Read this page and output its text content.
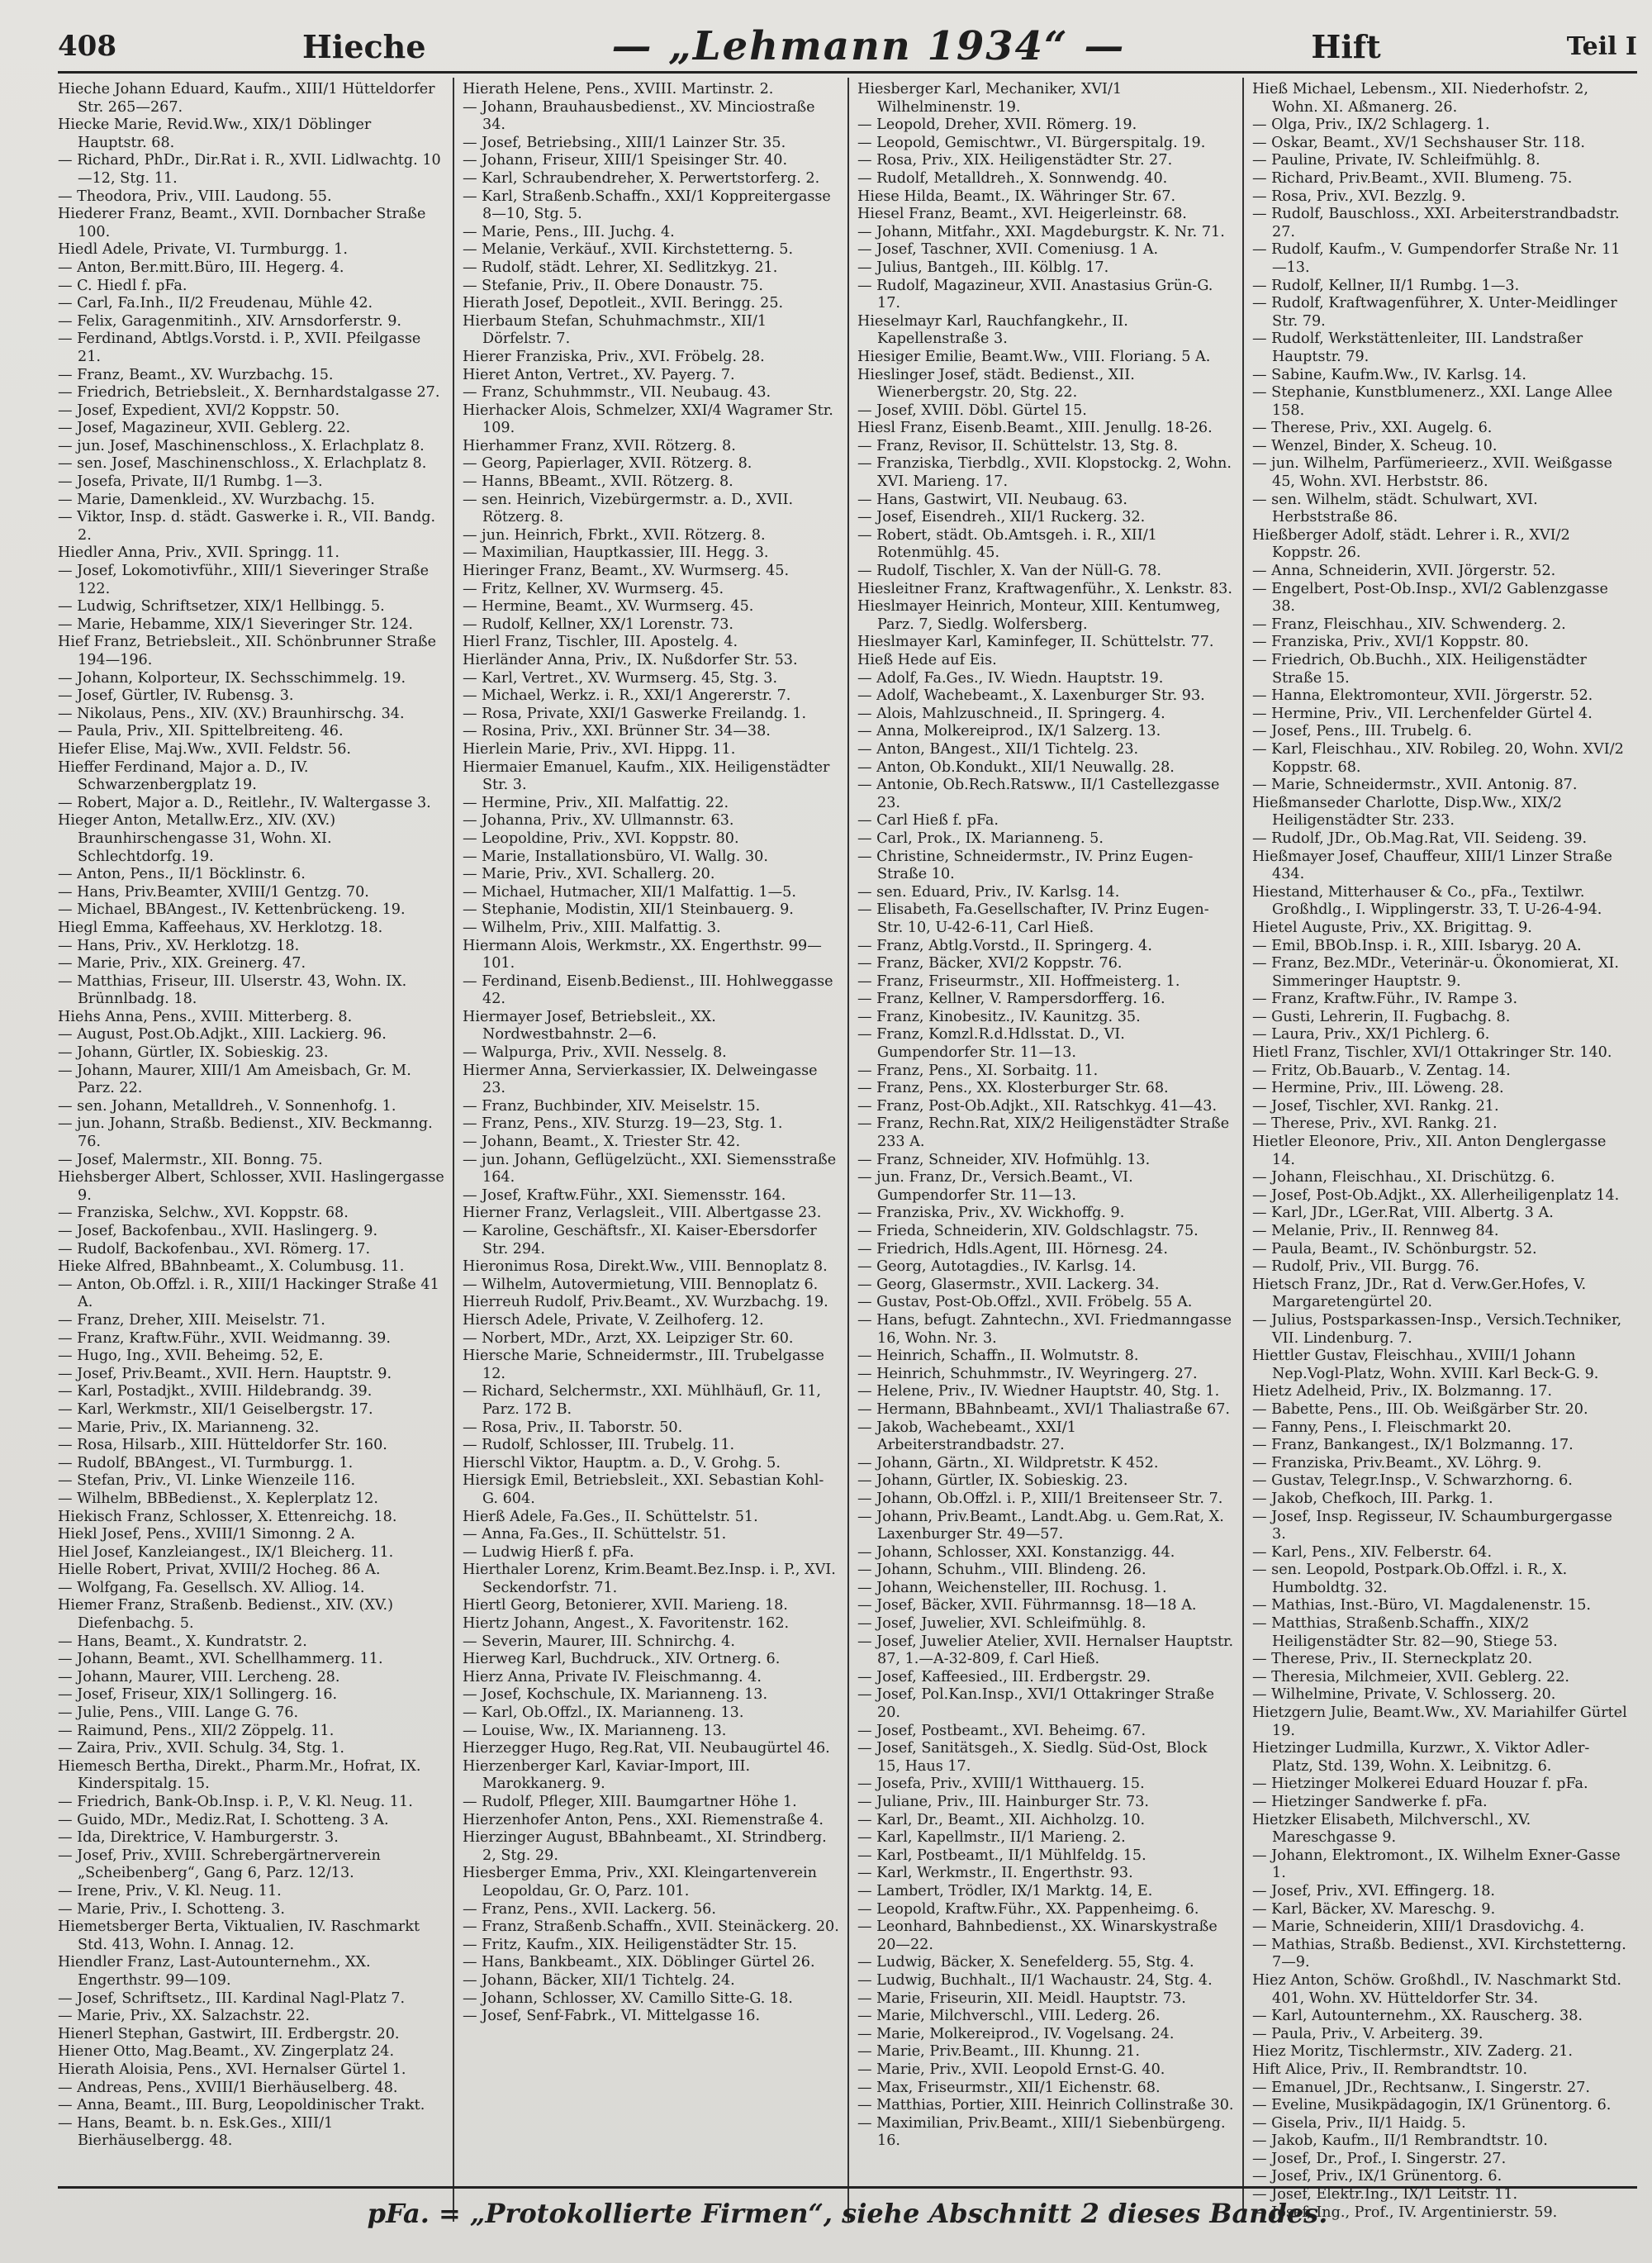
408	Hieche	— „Lehmann 1934“ —	Hift	Teil I

Hieche Johann Eduard, Kaufm., XIII/1 Hütteldorfer Str. 265—267.

Hiecke Marie, Revid.Ww., XIX/1 Döblinger Hauptstr. 68.

— Richard, PhDr., Dir.Rat i. R., XVII. Lidlwachtg. 10—12, Stg. 11.

— Theodora, Priv., VIII. Laudong. 55.

Hiederer Franz, Beamt., XVII. Dornbacher Straße 100.

Hiedl Adele, Private, VI. Turmburgg. 1.

— Anton, Ber.mitt.Büro, III. Hegerg. 4.

— C. Hiedl f. pFa.

— Carl, Fa.Inh., II/2 Freudenau, Mühle 42.

— Felix, Garagenmitinh., XIV. Arnsdorferstr. 9.

— Ferdinand, Abtlgs.Vorstd. i. P., XVII. Pfeilgasse 21.

— Franz, Beamt., XV. Wurzbachg. 15.

— Friedrich, Betriebsleit., X. Bernhardstalgasse 27.

— Josef, Expedient, XVI/2 Koppstr. 50.

— Josef, Magazineur, XVII. Geblerg. 22.

— jun. Josef, Maschinenschloss., X. Erlachplatz 8.

— sen. Josef, Maschinenschloss., X. Erlachplatz 8.

— Josefa, Private, II/1 Rumbg. 1—3.

— Marie, Damenkleid., XV. Wurzbachg. 15.

— Viktor, Insp. d. städt. Gaswerke i. R., VII. Bandg. 2.

Hiedler Anna, Priv., XVII. Springg. 11.

— Josef, Lokomotivführ., XIII/1 Sieveringer Straße 122.

— Ludwig, Schriftsetzer, XIX/1 Hellbingg. 5.

— Marie, Hebamme, XIX/1 Sieveringer Str. 124.

Hief Franz, Betriebsleit., XII. Schönbrunner Straße 194—196.

— Johann, Kolporteur, IX. Sechsschimmelg. 19.

— Josef, Gürtler, IV. Rubensg. 3.

— Nikolaus, Pens., XIV. (XV.) Braunhirschg. 34.

— Paula, Priv., XII. Spittelbreiteng. 46.

Hiefer Elise, Maj.Ww., XVII. Feldstr. 56.

Hieffer Ferdinand, Major a. D., IV. Schwarzenbergplatz 19.

— Robert, Major a. D., Reitlehr., IV. Waltergasse 3.

Hieger Anton, Metallw.Erz., XIV. (XV.) Braunhirschengasse 31, Wohn. XI. Schlechtdorfg. 19.

— Anton, Pens., II/1 Böcklinstr. 6.

— Hans, Priv.Beamter, XVIII/1 Gentzg. 70.

— Michael, BBAngest., IV. Kettenbrückeng. 19.

Hiegl Emma, Kaffeehaus, XV. Herklotzg. 18.

— Hans, Priv., XV. Herklotzg. 18.

— Marie, Priv., XIX. Greinerg. 47.

— Matthias, Friseur, III. Ulserstr. 43, Wohn. IX. Brünnlbadg. 18.

Hiehs Anna, Pens., XVIII. Mitterberg. 8.

— August, Post.Ob.Adjkt., XIII. Lackierg. 96.

— Johann, Gürtler, IX. Sobieskig. 23.

— Johann, Maurer, XIII/1 Am Ameisbach, Gr. M. Parz. 22.

— sen. Johann, Metalldreh., V. Sonnenhofg. 1.

— jun. Johann, Straßb. Bedienst., XIV. Beckmanng. 76.

— Josef, Malermstr., XII. Bonng. 75.

Hiehsberger Albert, Schlosser, XVII. Haslingergasse 9.

— Franziska, Selchw., XVI. Koppstr. 68.

— Josef, Backofenbau., XVII. Haslingerg. 9.

— Rudolf, Backofenbau., XVI. Römerg. 17.

Hieke Alfred, BBahnbeamt., X. Columbusg. 11.

— Anton, Ob.Offzl. i. R., XIII/1 Hackinger Straße 41 A.

— Franz, Dreher, XIII. Meiselstr. 71.

— Franz, Kraftw.Führ., XVII. Weidmanng. 39.

— Hugo, Ing., XVII. Beheimg. 52, E.

— Josef, Priv.Beamt., XVII. Hern. Hauptstr. 9.

— Karl, Postadjkt., XVIII. Hildebrandg. 39.

— Karl, Werkmstr., XII/1 Geiselbergstr. 17.

— Marie, Priv., IX. Marianneng. 32.

— Rosa, Hilsarb., XIII. Hütteldorfer Str. 160.

— Rudolf, BBAngest., VI. Turmburgg. 1.

— Stefan, Priv., VI. Linke Wienzeile 116.

— Wilhelm, BBBedienst., X. Keplerplatz 12.

Hiekisch Franz, Schlosser, X. Ettenreichg. 18.

Hiekl Josef, Pens., XVIII/1 Simonng. 2 A.

Hiel Josef, Kanzleiangest., IX/1 Bleicherg. 11.

Hielle Robert, Privat, XVIII/2 Hocheg. 86 A.

— Wolfgang, Fa. Gesellsch. XV. Alliog. 14.

Hiemer Franz, Straßenb. Bedienst., XIV. (XV.) Diefenbachg. 5.

— Hans, Beamt., X. Kundratstr. 2.

— Johann, Beamt., XVI. Schellhammerg. 11.

— Johann, Maurer, VIII. Lercheng. 28.

— Josef, Friseur, XIX/1 Sollingerg. 16.

— Julie, Pens., VIII. Lange G. 76.

— Raimund, Pens., XII/2 Zöppelg. 11.

— Zaira, Priv., XVII. Schulg. 34, Stg. 1.

Hiemesch Bertha, Direkt., Pharm.Mr., Hofrat, IX. Kinderspitalg. 15.

— Friedrich, Bank-Ob.Insp. i. P., V. Kl. Neug. 11.

— Guido, MDr., Mediz.Rat, I. Schotteng. 3 A.

— Ida, Direktrice, V. Hamburgerstr. 3.

— Josef, Priv., XVIII. Schrebergärtnerverein „Scheibenberg“, Gang 6, Parz. 12/13.

— Irene, Priv., V. Kl. Neug. 11.

— Marie, Priv., I. Schotteng. 3.

Hiemetsberger Berta, Viktualien, IV. Raschmarkt Std. 413, Wohn. I. Annag. 12.

Hiendler Franz, Last-Autounternehm., XX. Engerthstr. 99—109.

— Josef, Schriftsetz., III. Kardinal Nagl-Platz 7.

— Marie, Priv., XX. Salzachstr. 22.

Hienerl Stephan, Gastwirt, III. Erdbergstr. 20.

Hiener Otto, Mag.Beamt., XV. Zingerplatz 24.

Hierath Aloisia, Pens., XVI. Hernalser Gürtel 1.

— Andreas, Pens., XVIII/1 Bierhäuselberg. 48.

— Anna, Beamt., III. Burg, Leopoldinischer Trakt.

— Hans, Beamt. b. n. Esk.Ges., XIII/1 Bierhäuselbergg. 48.

Hierath Helene, Pens., XVIII. Martinstr. 2.

— Johann, Brauhausbedienst., XV. Minciostraße 34.

— Josef, Betriebsing., XIII/1 Lainzer Str. 35.

— Johann, Friseur, XIII/1 Speisinger Str. 40.

— Karl, Schraubendreher, X. Perwertstorferg. 2.

— Karl, Straßenb.Schaffn., XXI/1 Koppreitergasse 8—10, Stg. 5.

— Marie, Pens., III. Juchg. 4.

— Melanie, Verkäuf., XVII. Kirchstetterng. 5.

— Rudolf, städt. Lehrer, XI. Sedlitzkyg. 21.

— Stefanie, Priv., II. Obere Donaustr. 75.

Hierath Josef, Depotleit., XVII. Beringg. 25.

Hierbaum Stefan, Schuhmachmstr., XII/1 Dörfelstr. 7.

Hierer Franziska, Priv., XVI. Fröbelg. 28.

Hieret Anton, Vertret., XV. Payerg. 7.

— Franz, Schuhmmstr., VII. Neubaug. 43.

Hierhacker Alois, Schmelzer, XXI/4 Wagramer Str. 109.

Hierhammer Franz, XVII. Rötzerg. 8.

— Georg, Papierlager, XVII. Rötzerg. 8.

— Hanns, BBeamt., XVII. Rötzerg. 8.

— sen. Heinrich, Vizebürgermstr. a. D., XVII. Rötzerg. 8.

— jun. Heinrich, Fbrkt., XVII. Rötzerg. 8.

— Maximilian, Hauptkassier, III. Hegg. 3.

Hieringer Franz, Beamt., XV. Wurmserg. 45.

— Fritz, Kellner, XV. Wurmserg. 45.

— Hermine, Beamt., XV. Wurmserg. 45.

— Rudolf, Kellner, XX/1 Lorenstr. 73.

Hierl Franz, Tischler, III. Apostelg. 4.

Hierländer Anna, Priv., IX. Nußdorfer Str. 53.

— Karl, Vertret., XV. Wurmserg. 45, Stg. 3.

— Michael, Werkz. i. R., XXI/1 Angererstr. 7.

— Rosa, Private, XXI/1 Gaswerke Freilandg. 1.

— Rosina, Priv., XXI. Brünner Str. 34—38.

Hierlein Marie, Priv., XVI. Hippg. 11.

Hiermaier Emanuel, Kaufm., XIX. Heiligenstädter Str. 3.

— Hermine, Priv., XII. Malfattig. 22.

— Johanna, Priv., XV. Ullmannstr. 63.

— Leopoldine, Priv., XVI. Koppstr. 80.

— Marie, Installationsbüro, VI. Wallg. 30.

— Marie, Priv., XVI. Schallerg. 20.

— Michael, Hutmacher, XII/1 Malfattig. 1—5.

— Stephanie, Modistin, XII/1 Steinbauerg. 9.

— Wilhelm, Priv., XIII. Malfattig. 3.

Hiermann Alois, Werkmstr., XX. Engerthstr. 99—101.

— Ferdinand, Eisenb.Bedienst., III. Hohlweggasse 42.

Hiermayer Josef, Betriebsleit., XX. Nordwestbahnstr. 2—6.

— Walpurga, Priv., XVII. Nesselg. 8.

Hiermer Anna, Servierkassier, IX. Delweingasse 23.

— Franz, Buchbinder, XIV. Meiselstr. 15.

— Franz, Pens., XIV. Sturzg. 19—23, Stg. 1.

— Johann, Beamt., X. Triester Str. 42.

— jun. Johann, Geflügelzücht., XXI. Siemensstraße 164.

— Josef, Kraftw.Führ., XXI. Siemensstr. 164.

Hierner Franz, Verlagsleit., VIII. Albertgasse 23.

— Karoline, Geschäftsfr., XI. Kaiser-Ebersdorfer Str. 294.

Hieronimus Rosa, Direkt.Ww., VIII. Bennoplatz 8.

— Wilhelm, Autovermietung, VIII. Bennoplatz 6.

Hierreuh Rudolf, Priv.Beamt., XV. Wurzbachg. 19.

Hiersch Adele, Private, V. Zeilhoferg. 12.

— Norbert, MDr., Arzt, XX. Leipziger Str. 60.

Hiersche Marie, Schneidermstr., III. Trubelgasse 12.

— Richard, Selchermstr., XXI. Mühlhäufl, Gr. 11, Parz. 172 B.

— Rosa, Priv., II. Taborstr. 50.

— Rudolf, Schlosser, III. Trubelg. 11.

Hierschl Viktor, Hauptm. a. D., V. Grohg. 5.

Hiersigk Emil, Betriebsleit., XXI. Sebastian Kohl-G. 604.

Hierß Adele, Fa.Ges., II. Schüttelstr. 51.

— Anna, Fa.Ges., II. Schüttelstr. 51.

— Ludwig Hierß f. pFa.

Hierthaler Lorenz, Krim.Beamt.Bez.Insp. i. P., XVI. Seckendorfstr. 71.

Hiertl Georg, Betonierer, XVII. Marieng. 18.

Hiertz Johann, Angest., X. Favoritenstr. 162.

— Severin, Maurer, III. Schnirchg. 4.

Hierweg Karl, Buchdruck., XIV. Ortnerg. 6.

Hierz Anna, Private IV. Fleischmanng. 4.

— Josef, Kochschule, IX. Marianneng. 13.

— Karl, Ob.Offzl., IX. Marianneng. 13.

— Louise, Ww., IX. Marianneng. 13.

Hierzegger Hugo, Reg.Rat, VII. Neubaugürtel 46.

Hierzenberger Karl, Kaviar-Import, III. Marokkanerg. 9.

— Rudolf, Pfleger, XIII. Baumgartner Höhe 1.

Hierzenhofer Anton, Pens., XXI. Riemenstraße 4.

Hierzinger August, BBahnbeamt., XI. Strindberg. 2, Stg. 29.

Hiesberger Emma, Priv., XXI. Kleingartenverein Leopoldau, Gr. O, Parz. 101.

— Franz, Pens., XVII. Lackerg. 56.

— Franz, Straßenb.Schaffn., XVII. Steinäckerg. 20.

— Fritz, Kaufm., XIX. Heiligenstädter Str. 15.

— Hans, Bankbeamt., XIX. Döblinger Gürtel 26.

— Johann, Bäcker, XII/1 Tichtelg. 24.

— Johann, Schlosser, XV. Camillo Sitte-G. 18.

— Josef, Senf-Fabrk., VI. Mittelgasse 16.

Hiesberger Karl, Mechaniker, XVI/1 Wilhelminenstr. 19.

— Leopold, Dreher, XVII. Römerg. 19.

— Leopold, Gemischtwr., VI. Bürgerspitalg. 19.

— Rosa, Priv., XIX. Heiligenstädter Str. 27.

— Rudolf, Metalldreh., X. Sonnwendg. 40.

Hiese Hilda, Beamt., IX. Währinger Str. 67.

Hiesel Franz, Beamt., XVI. Heigerleinstr. 68.

— Johann, Mitfahr., XXI. Magdeburgstr. K. Nr. 71.

— Josef, Taschner, XVII. Comeniusg. 1 A.

— Julius, Bantgeh., III. Kölblg. 17.

— Rudolf, Magazineur, XVII. Anastasius Grün-G. 17.

Hieselmayr Karl, Rauchfangkehr., II. Kapellenstraße 3.

Hiesiger Emilie, Beamt.Ww., VIII. Floriang. 5 A.

Hieslinger Josef, städt. Bedienst., XII. Wienerbergstr. 20, Stg. 22.

— Josef, XVIII. Döbl. Gürtel 15.

Hiesl Franz, Eisenb.Beamt., XIII. Jenullg. 18-26.

— Franz, Revisor, II. Schüttelstr. 13, Stg. 8.

— Franziska, Tierbdlg., XVII. Klopstockg. 2, Wohn. XVI. Marieng. 17.

— Hans, Gastwirt, VII. Neubaug. 63.

— Josef, Eisendreh., XII/1 Ruckerg. 32.

— Robert, städt. Ob.Amtsgeh. i. R., XII/1 Rotenmühlg. 45.

— Rudolf, Tischler, X. Van der Nüll-G. 78.

Hiesleitner Franz, Kraftwagenführ., X. Lenkstr. 83.

Hieslmayer Heinrich, Monteur, XIII. Kentumweg, Parz. 7, Siedlg. Wolfersberg.

Hieslmayer Karl, Kaminfeger, II. Schüttelstr. 77.

Hieß Hede auf Eis.

— Adolf, Fa.Ges., IV. Wiedn. Hauptstr. 19.

— Adolf, Wachebeamt., X. Laxenburger Str. 93.

— Alois, Mahlzuschneid., II. Springerg. 4.

— Anna, Molkereiprod., IX/1 Salzerg. 13.

— Anton, BAngest., XII/1 Tichtelg. 23.

— Anton, Ob.Kondukt., XII/1 Neuwallg. 28.

— Antonie, Ob.Rech.Ratsww., II/1 Castellezgasse 23.

— Carl Hieß f. pFa.

— Carl, Prok., IX. Marianneng. 5.

— Christine, Schneidermstr., IV. Prinz Eugen-Straße 10.

— sen. Eduard, Priv., IV. Karlsg. 14.

— Elisabeth, Fa.Gesellschafter, IV. Prinz Eugen-Str. 10, U-42-6-11, Carl Hieß.

— Franz, Abtlg.Vorstd., II. Springerg. 4.

— Franz, Bäcker, XVI/2 Koppstr. 76.

— Franz, Friseurmstr., XII. Hoffmeisterg. 1.

— Franz, Kellner, V. Rampersdorfferg. 16.

— Franz, Kinobesitz., IV. Kaunitzg. 35.

— Franz, Komzl.R.d.Hdlsstat. D., VI. Gumpendorfer Str. 11—13.

— Franz, Pens., XI. Sorbaitg. 11.

— Franz, Pens., XX. Klosterburger Str. 68.

— Franz, Post-Ob.Adjkt., XII. Ratschkyg. 41—43.

— Franz, Rechn.Rat, XIX/2 Heiligenstädter Straße 233 A.

— Franz, Schneider, XIV. Hofmühlg. 13.

— jun. Franz, Dr., Versich.Beamt., VI. Gumpendorfer Str. 11—13.

— Franziska, Priv., XV. Wickhoffg. 9.

— Frieda, Schneiderin, XIV. Goldschlagstr. 75.

— Friedrich, Hdls.Agent, III. Hörnesg. 24.

— Georg, Autotagdies., IV. Karlsg. 14.

— Georg, Glasermstr., XVII. Lackerg. 34.

— Gustav, Post-Ob.Offzl., XVII. Fröbelg. 55 A.

— Hans, befugt. Zahntechn., XVI. Friedmanngasse 16, Wohn. Nr. 3.

— Heinrich, Schaffn., II. Wolmutstr. 8.

— Heinrich, Schuhmmstr., IV. Weyringerg. 27.

— Helene, Priv., IV. Wiedner Hauptstr. 40, Stg. 1.

— Hermann, BBahnbeamt., XVI/1 Thaliastraße 67.

— Jakob, Wachebeamt., XXI/1 Arbeiterstrandbadstr. 27.

— Johann, Gärtn., XI. Wildpretstr. K 452.

— Johann, Gürtler, IX. Sobieskig. 23.

— Johann, Ob.Offzl. i. P., XIII/1 Breitenseer Str. 7.

— Johann, Priv.Beamt., Landt.Abg. u. Gem.Rat, X. Laxenburger Str. 49—57.

— Johann, Schlosser, XXI. Konstanzigg. 44.

— Johann, Schuhm., VIII. Blindeng. 26.

— Johann, Weichensteller, III. Rochusg. 1.

— Josef, Bäcker, XVII. Führmannsg. 18—18 A.

— Josef, Juwelier, XVI. Schleifmühlg. 8.

— Josef, Juwelier Atelier, XVII. Hernalser Hauptstr. 87, 1.—A-32-809, f. Carl Hieß.

— Josef, Kaffeesied., III. Erdbergstr. 29.

— Josef, Pol.Kan.Insp., XVI/1 Ottakringer Straße 20.

— Josef, Postbeamt., XVI. Beheimg. 67.

— Josef, Sanitätsgeh., X. Siedlg. Süd-Ost, Block 15, Haus 17.

— Josefa, Priv., XVIII/1 Witthauerg. 15.

— Juliane, Priv., III. Hainburger Str. 73.

— Karl, Dr., Beamt., XII. Aichholzg. 10.

— Karl, Kapellmstr., II/1 Marieng. 2.

— Karl, Postbeamt., II/1 Mühlfeldg. 15.

— Karl, Werkmstr., II. Engerthstr. 93.

— Lambert, Trödler, IX/1 Marktg. 14, E.

— Leopold, Kraftw.Führ., XX. Pappenheimg. 6.

— Leonhard, Bahnbedienst., XX. Winarskystraße 20—22.

— Ludwig, Bäcker, X. Senefelderg. 55, Stg. 4.

— Ludwig, Buchhalt., II/1 Wachaustr. 24, Stg. 4.

— Marie, Friseurin, XII. Meidl. Hauptstr. 73.

— Marie, Milchverschl., VIII. Lederg. 26.

— Marie, Molkereiprod., IV. Vogelsang. 24.

— Marie, Priv.Beamt., III. Khunng. 21.

— Marie, Priv., XVII. Leopold Ernst-G. 40.

— Max, Friseurmstr., XII/1 Eichenstr. 68.

— Matthias, Portier, XIII. Heinrich Collinstraße 30.

— Maximilian, Priv.Beamt., XIII/1 Siebenbürgeng. 16.

Hieß Michael, Lebensm., XII. Niederhofstr. 2, Wohn. XI. Aßmanerg. 26.

— Olga, Priv., IX/2 Schlagerg. 1.

— Oskar, Beamt., XV/1 Sechshauser Str. 118.

— Pauline, Private, IV. Schleifmühlg. 8.

— Richard, Priv.Beamt., XVII. Blumeng. 75.

— Rosa, Priv., XVI. Bezzlg. 9.

— Rudolf, Bauschloss., XXI. Arbeiterstrandbadstr. 27.

— Rudolf, Kaufm., V. Gumpendorfer Straße Nr. 11—13.

— Rudolf, Kellner, II/1 Rumbg. 1—3.

— Rudolf, Kraftwagenführer, X. Unter-Meidlinger Str. 79.

— Rudolf, Werkstättenleiter, III. Landstraßer Hauptstr. 79.

— Sabine, Kaufm.Ww., IV. Karlsg. 14.

— Stephanie, Kunstblumenerz., XXI. Lange Allee 158.

— Therese, Priv., XXI. Augelg. 6.

— Wenzel, Binder, X. Scheug. 10.

— jun. Wilhelm, Parfümerieerz., XVII. Weißgasse 45, Wohn. XVI. Herbststr. 86.

— sen. Wilhelm, städt. Schulwart, XVI. Herbststraße 86.

Hießberger Adolf, städt. Lehrer i. R., XVI/2 Koppstr. 26.

— Anna, Schneiderin, XVII. Jörgerstr. 52.

— Engelbert, Post-Ob.Insp., XVI/2 Gablenzgasse 38.

— Franz, Fleischhau., XIV. Schwenderg. 2.

— Franziska, Priv., XVI/1 Koppstr. 80.

— Friedrich, Ob.Buchh., XIX. Heiligenstädter Straße 15.

— Hanna, Elektromonteur, XVII. Jörgerstr. 52.

— Hermine, Priv., VII. Lerchenfelder Gürtel 4.

— Josef, Pens., III. Trubelg. 6.

— Karl, Fleischhau., XIV. Robileg. 20, Wohn. XVI/2 Koppstr. 68.

— Marie, Schneidermstr., XVII. Antonig. 87.

Hießmanseder Charlotte, Disp.Ww., XIX/2 Heiligenstädter Str. 233.

— Rudolf, JDr., Ob.Mag.Rat, VII. Seideng. 39.

Hießmayer Josef, Chauffeur, XIII/1 Linzer Straße 434.

Hiestand, Mitterhauser & Co., pFa., Textilwr. Großhdlg., I. Wipplingerstr. 33, T. U-26-4-94.

Hietel Auguste, Priv., XX. Brigittag. 9.

— Emil, BBOb.Insp. i. R., XIII. Isbaryg. 20 A.

— Franz, Bez.MDr., Veterinär-u. Ökonomierat, XI. Simmeringer Hauptstr. 9.

— Franz, Kraftw.Führ., IV. Rampe 3.

— Gusti, Lehrerin, II. Fugbachg. 8.

— Laura, Priv., XX/1 Pichlerg. 6.

Hietl Franz, Tischler, XVI/1 Ottakringer Str. 140.

— Fritz, Ob.Bauarb., V. Zentag. 14.

— Hermine, Priv., III. Löweng. 28.

— Josef, Tischler, XVI. Rankg. 21.

— Therese, Priv., XVI. Rankg. 21.

Hietler Eleonore, Priv., XII. Anton Denglergasse 14.

— Johann, Fleischhau., XI. Drischützg. 6.

— Josef, Post-Ob.Adjkt., XX. Allerheiligenplatz 14.

— Karl, JDr., LGer.Rat, VIII. Albertg. 3 A.

— Melanie, Priv., II. Rennweg 84.

— Paula, Beamt., IV. Schönburgstr. 52.

— Rudolf, Priv., VII. Burgg. 76.

Hietsch Franz, JDr., Rat d. Verw.Ger.Hofes, V. Margaretengürtel 20.

— Julius, Postsparkassen-Insp., Versich.Techniker, VII. Lindenburg. 7.

Hiettler Gustav, Fleischhau., XVIII/1 Johann Nep.Vogl-Platz, Wohn. XVIII. Karl Beck-G. 9.

Hietz Adelheid, Priv., IX. Bolzmanng. 17.

— Babette, Pens., III. Ob. Weißgärber Str. 20.

— Fanny, Pens., I. Fleischmarkt 20.

— Franz, Bankangest., IX/1 Bolzmanng. 17.

— Franziska, Priv.Beamt., XV. Löhrg. 9.

— Gustav, Telegr.Insp., V. Schwarzhorng. 6.

— Jakob, Chefkoch, III. Parkg. 1.

— Josef, Insp. Regisseur, IV. Schaumburgergasse 3.

— Karl, Pens., XIV. Felberstr. 64.

— sen. Leopold, Postpark.Ob.Offzl. i. R., X. Humboldtg. 32.

— Mathias, Inst.-Büro, VI. Magdalenenstr. 15.

— Matthias, Straßenb.Schaffn., XIX/2 Heiligenstädter Str. 82—90, Stiege 53.

— Therese, Priv., II. Sterneckplatz 20.

— Theresia, Milchmeier, XVII. Geblerg. 22.

— Wilhelmine, Private, V. Schlosserg. 20.

Hietzgern Julie, Beamt.Ww., XV. Mariahilfer Gürtel 19.

Hietzinger Ludmilla, Kurzwr., X. Viktor Adler-Platz, Std. 139, Wohn. X. Leibnitzg. 6.

— Hietzinger Molkerei Eduard Houzar f. pFa.

— Hietzinger Sandwerke f. pFa.

Hietzker Elisabeth, Milchverschl., XV. Mareschgasse 9.

— Johann, Elektromont., IX. Wilhelm Exner-Gasse 1.

— Josef, Priv., XVI. Effingerg. 18.

— Karl, Bäcker, XV. Mareschg. 9.

— Marie, Schneiderin, XIII/1 Drasdovichg. 4.

— Mathias, Straßb. Bedienst., XVI. Kirchstetterng. 7—9.

Hiez Anton, Schöw. Großhdl., IV. Naschmarkt Std. 401, Wohn. XV. Hütteldorfer Str. 34.

— Karl, Autounternehm., XX. Rauscherg. 38.

— Paula, Priv., V. Arbeiterg. 39.

Hiez Moritz, Tischlermstr., XIV. Zaderg. 21.

Hift Alice, Priv., II. Rembrandtstr. 10.

— Emanuel, JDr., Rechtsanw., I. Singerstr. 27.

— Eveline, Musikpädagogin, IX/1 Grünentorg. 6.

— Gisela, Priv., II/1 Haidg. 5.

— Jakob, Kaufm., II/1 Rembrandtstr. 10.

— Josef, Dr., Prof., I. Singerstr. 27.

— Josef, Priv., IX/1 Grünentorg. 6.

— Josef, Elektr.Ing., IX/1 Leitstr. 11.

— Josef, Ing., Prof., IV. Argentinierstr. 59.

pFa. = „Protokollierte Firmen“, siehe Abschnitt 2 dieses Bandes.
